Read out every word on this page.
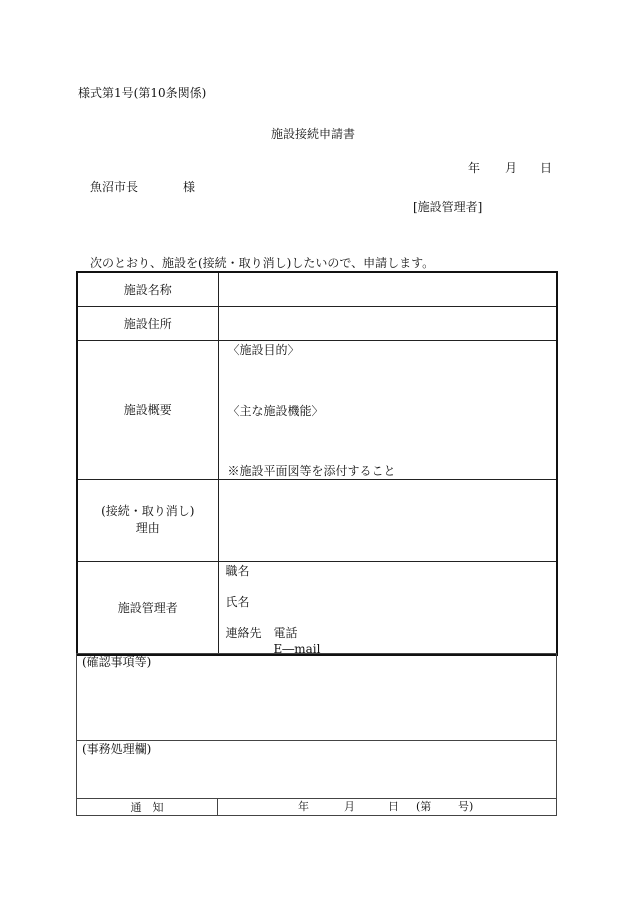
様式第1号(第10条関係)
施設接続申請書
年 月 日
魚沼市長	様
[施設管理者]
次のとおり、施設を(接続・取り消し)したいので、申請します。
施設名称	
施設住所	
施設概要	〈施設目的〉
〈主な施設機能〉
※施設平面図等を添付すること

(接続・取り消し)
理由	

施設管理者	職名
氏名
連絡先 電話
E―mail
(確認事項等)

(事務処理欄)

通　知	年	月	日 (第 号)
